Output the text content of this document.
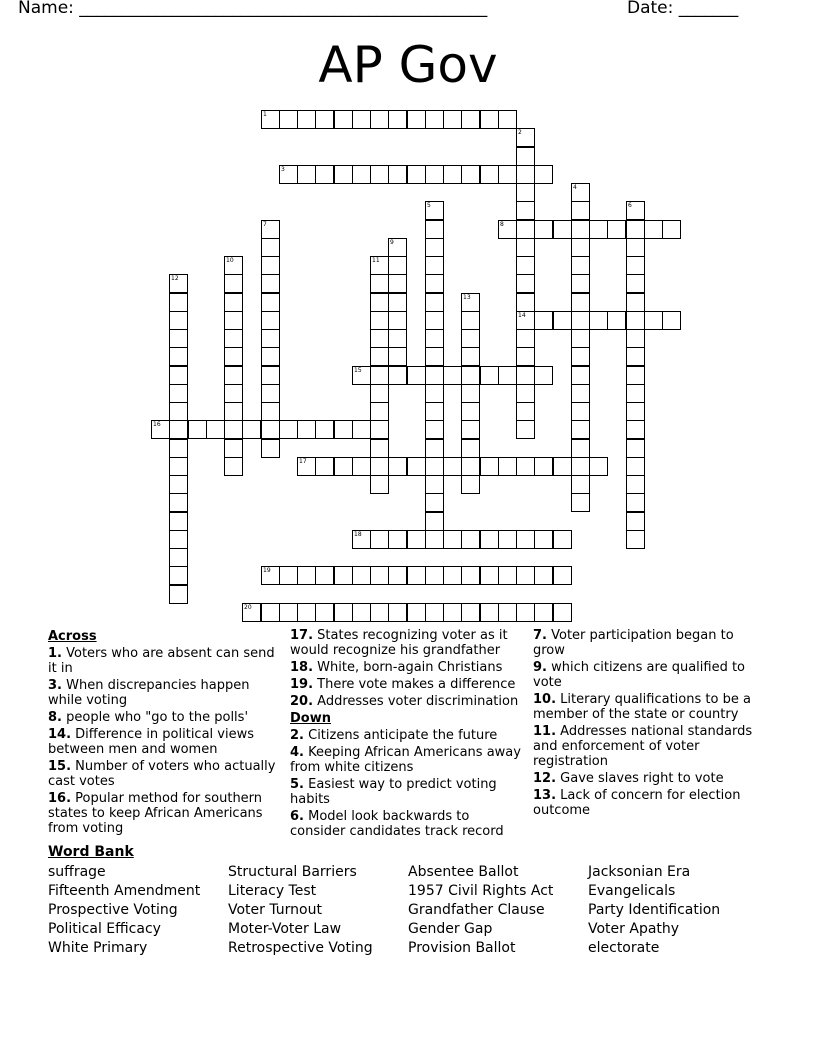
Name: ________________________________________________	Date: _______
AP Gov
1
2
14
3
4
5	6
7	8
9
10	11
12
13
15
16
17
18
19
20
Across
1. Voters who are absent can send it in
3. When discrepancies happen while voting
8. people who "go to the polls'
14. Difference in political views between men and women
15. Number of voters who actually cast votes
16. Popular method for southern states to keep African Americans from voting
17. States recognizing voter as it would recognize his grandfather
18. White, born-again Christians
19. There vote makes a difference
20. Addresses voter discrimination
Down
2. Citizens anticipate the future
4. Keeping African Americans away from white citizens
5. Easiest way to predict voting habits
6. Model look backwards to consider candidates track record
7. Voter participation began to grow
9. which citizens are qualified to vote
10. Literary qualifications to be a member of the state or country
11. Addresses national standards and enforcement of voter registration
12. Gave slaves right to vote
13. Lack of concern for election outcome
Word Bank
suffrage	Structural Barriers	Absentee Ballot	Jacksonian Era
Fifteenth Amendment	Literacy Test	1957 Civil Rights Act	Evangelicals
Prospective Voting	Voter Turnout	Grandfather Clause	Party Identification
Political Efficacy	Moter-Voter Law	Gender Gap	Voter Apathy
White Primary	Retrospective Voting	Provision Ballot	electorate
